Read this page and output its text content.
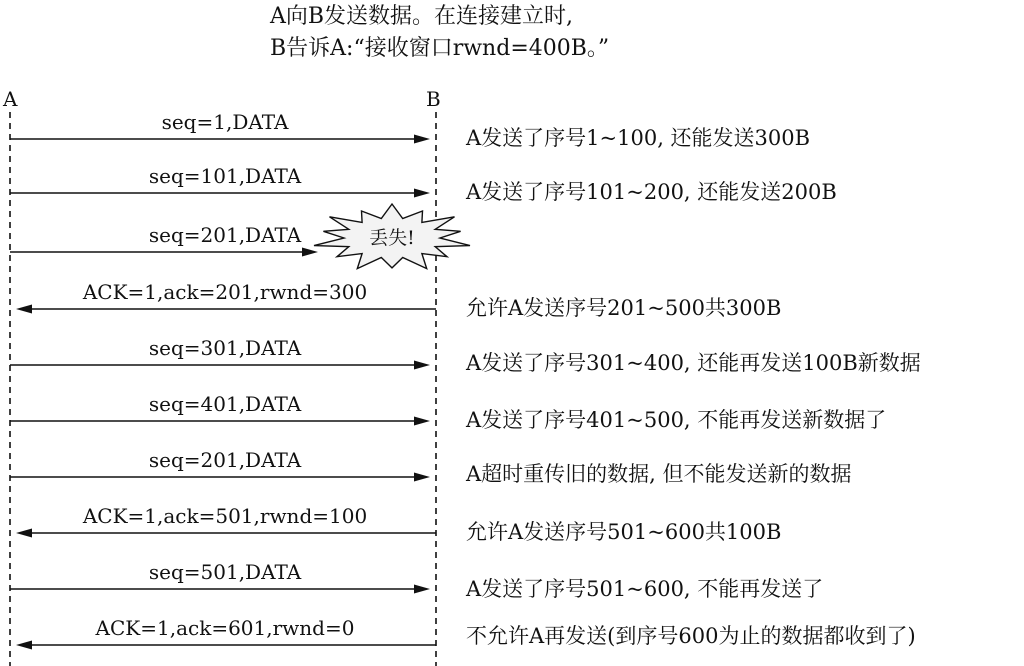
A向B发送数据。在连接建立时,
B告诉A:“接收窗口rwnd=400B。”
A	B
seq=1,DATA
A发送了序号1~100, 还能发送300B
seq=101,DATA
A发送了序号101~200, 还能发送200B
seq=201,DATA
ACK=1,ack=201,rwnd=300
允许A发送序号201~500共300B
seq=301,DATA
A发送了序号301~400, 还能再发送100B新数据
seq=401,DATA
A发送了序号401~500, 不能再发送新数据了
seq=201,DATA
A超时重传旧的数据, 但不能发送新的数据
ACK=1,ack=501,rwnd=100
允许A发送序号501~600共100B
seq=501,DATA
A发送了序号501~600, 不能再发送了
ACK=1,ack=601,rwnd=0	不允许A再发送(到序号600为止的数据都收到了)
丢失!
